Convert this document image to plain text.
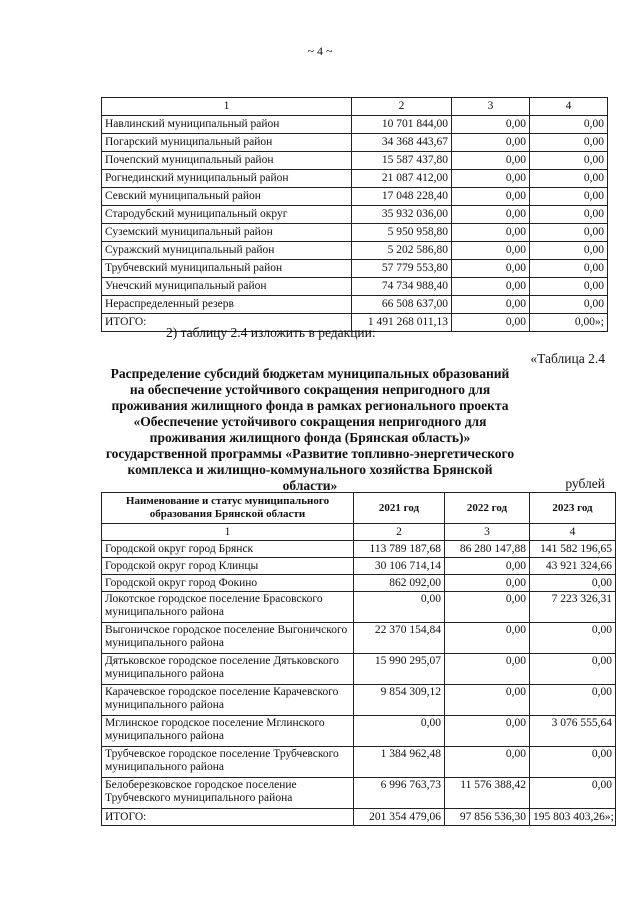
~ 4 ~
1	2	3	4
Навлинский муниципальный район	10 701 844,00	0,00	0,00
Погарский муниципальный район	34 368 443,67	0,00	0,00
Почепский муниципальный район	15 587 437,80	0,00	0,00
Рогнединский муниципальный район	21 087 412,00	0,00	0,00
Севский муниципальный район	17 048 228,40	0,00	0,00
Стародубский муниципальный округ	35 932 036,00	0,00	0,00
Суземский муниципальный район	5 950 958,80	0,00	0,00
Суражский муниципальный район	5 202 586,80	0,00	0,00
Трубчевский муниципальный район	57 779 553,80	0,00	0,00
Унечский муниципальный район	74 734 988,40	0,00	0,00
Нераспределенный резерв	66 508 637,00	0,00	0,00
ИТОГО:	1 491 268 011,13	0,00	0,00»;
2) таблицу 2.4 изложить в редакции:
«Таблица 2.4
Распределение субсидий бюджетам муниципальных образований на обеспечение устойчивого сокращения непригодного для проживания жилищного фонда в рамках регионального проекта «Обеспечение устойчивого сокращения непригодного для проживания жилищного фонда (Брянская область)» государственной программы «Развитие топливно-энергетического комплекса и жилищно-коммунального хозяйства Брянской области»	рублей
Наименование и статус муниципального образования Брянской области	2021 год	2022 год	2023 год
1	2	3	4
Городской округ город Брянск	113 789 187,68	86 280 147,88	141 582 196,65
Городской округ город Клинцы	30 106 714,14	0,00	43 921 324,66
Городской округ город Фокино	862 092,00	0,00	0,00
Локотское городское поселение Брасовского муниципального района	0,00	0,00	7 223 326,31
Выгоничское городское поселение Выгоничского муниципального района	22 370 154,84	0,00	0,00
Дятьковское городское поселение Дятьковского муниципального района	15 990 295,07	0,00	0,00
Карачевское городское поселение Карачевского муниципального района	9 854 309,12	0,00	0,00
Мглинское городское поселение Мглинского муниципального района	0,00	0,00	3 076 555,64
Трубчевское городское поселение Трубчевского муниципального района	1 384 962,48	0,00	0,00
Белоберезковское городское поселение Трубчевского муниципального района	6 996 763,73	11 576 388,42	0,00
ИТОГО:	201 354 479,06	97 856 536,30	195 803 403,26»;
